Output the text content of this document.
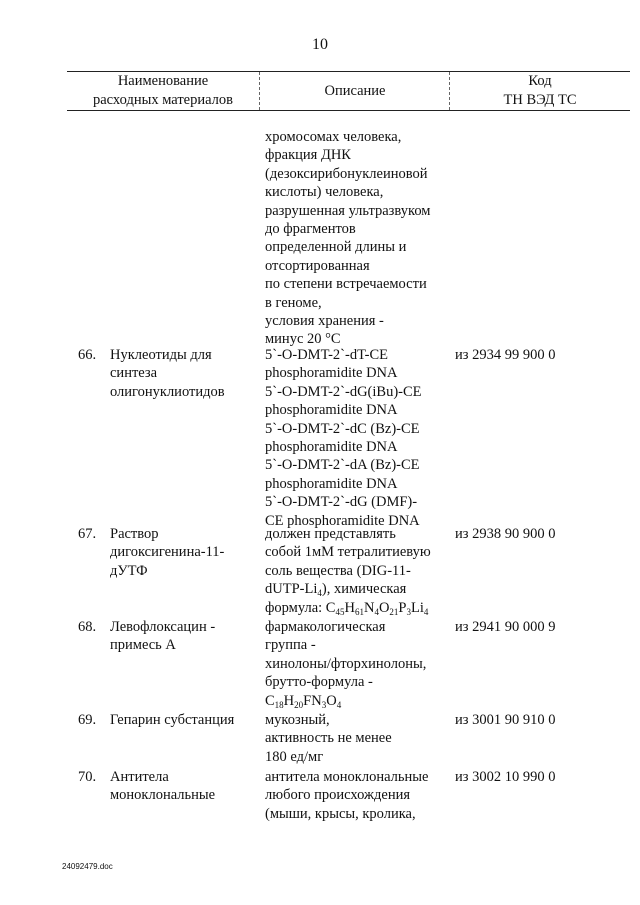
10
Наименование
расходных материалов
Описание
Код
ТН ВЭД ТС
хромосомах человека,
фракция ДНК
(дезоксирибонуклеиновой
кислоты) человека,
разрушенная ультразвуком
до фрагментов
определенной длины и
отсортированная
по степени встречаемости
в геноме,
условия хранения -
минус 20 °C
66. Нуклеотиды для
синтеза
олигонуклиотидов
5`-O-DMT-2`-dT-CE
phosphoramidite DNA
5`-O-DMT-2`-dG(iBu)-CE
phosphoramidite DNA
5`-O-DMT-2`-dC (Bz)-CE
phosphoramidite DNA
5`-O-DMT-2`-dA (Bz)-CE
phosphoramidite DNA
5`-O-DMT-2`-dG (DMF)-
CE phosphoramidite DNA
из 2934 99 900 0
67. Раствор
дигоксигенина-11-
дУТФ
должен представлять
собой 1мМ тетралитиевую
соль вещества (DIG-11-
dUTP-$Li_4$), химическая
формула: $C_{45}H_{61}N_4O_{21}P_3Li_4$
из 2938 90 900 0
68. Левофлоксацин -
примесь А
фармакологическая
группа -
хинолоны/фторхинолоны,
брутто-формула -
$C_{18}H_{20}FN_3O_4$
из 2941 90 000 9
69. Гепарин субстанция	мукозный,
активность не менее
180 ед/мг
из 3001 90 910 0
70. Антитела
моноклональные
антитела моноклональные
любого происхождения
(мыши, крысы, кролика,
из 3002 10 990 0
24092479.doc
